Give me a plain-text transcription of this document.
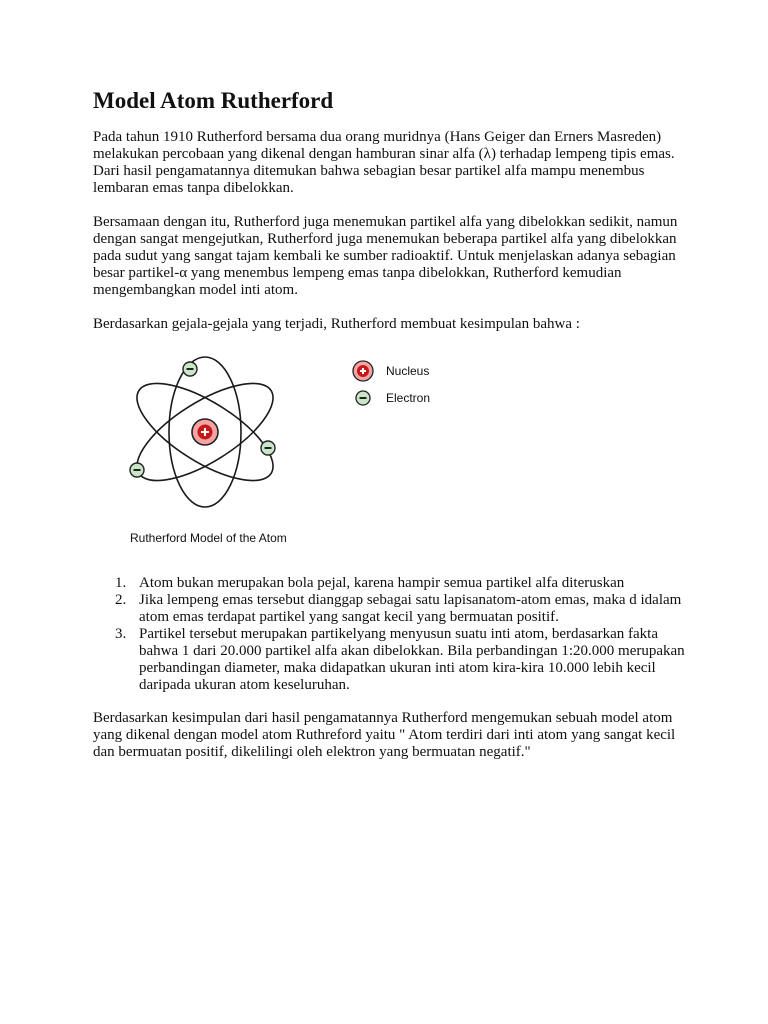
Model Atom Rutherford

Pada tahun 1910 Rutherford bersama dua orang muridnya (Hans Geiger dan Erners Masreden) melakukan percobaan yang dikenal dengan hamburan sinar alfa (λ) terhadap lempeng tipis emas. Dari hasil pengamatannya ditemukan bahwa sebagian besar partikel alfa mampu menembus lembaran emas tanpa dibelokkan.

Bersamaan dengan itu, Rutherford juga menemukan partikel alfa yang dibelokkan sedikit, namun dengan sangat mengejutkan, Rutherford juga menemukan beberapa partikel alfa yang dibelokkan pada sudut yang sangat tajam kembali ke sumber radioaktif. Untuk menjelaskan adanya sebagian besar partikel-α yang menembus lempeng emas tanpa dibelokkan, Rutherford kemudian mengembangkan model inti atom.

Berdasarkan gejala-gejala yang terjadi, Rutherford membuat kesimpulan bahwa :

Nucleus
Electron
Rutherford Model of the Atom
1. Atom bukan merupakan bola pejal, karena hampir semua partikel alfa diteruskan
2. Jika lempeng emas tersebut dianggap sebagai satu lapisanatom-atom emas, maka d idalam atom emas terdapat partikel yang sangat kecil yang bermuatan positif.
3. Partikel tersebut merupakan partikelyang menyusun suatu inti atom, berdasarkan fakta bahwa 1 dari 20.000 partikel alfa akan dibelokkan. Bila perbandingan 1:20.000 merupakan perbandingan diameter, maka didapatkan ukuran inti atom kira-kira 10.000 lebih kecil daripada ukuran atom keseluruhan.

Berdasarkan kesimpulan dari hasil pengamatannya Rutherford mengemukan sebuah model atom yang dikenal dengan model atom Ruthreford yaitu " Atom terdiri dari inti atom yang sangat kecil dan bermuatan positif, dikelilingi oleh elektron yang bermuatan negatif."
